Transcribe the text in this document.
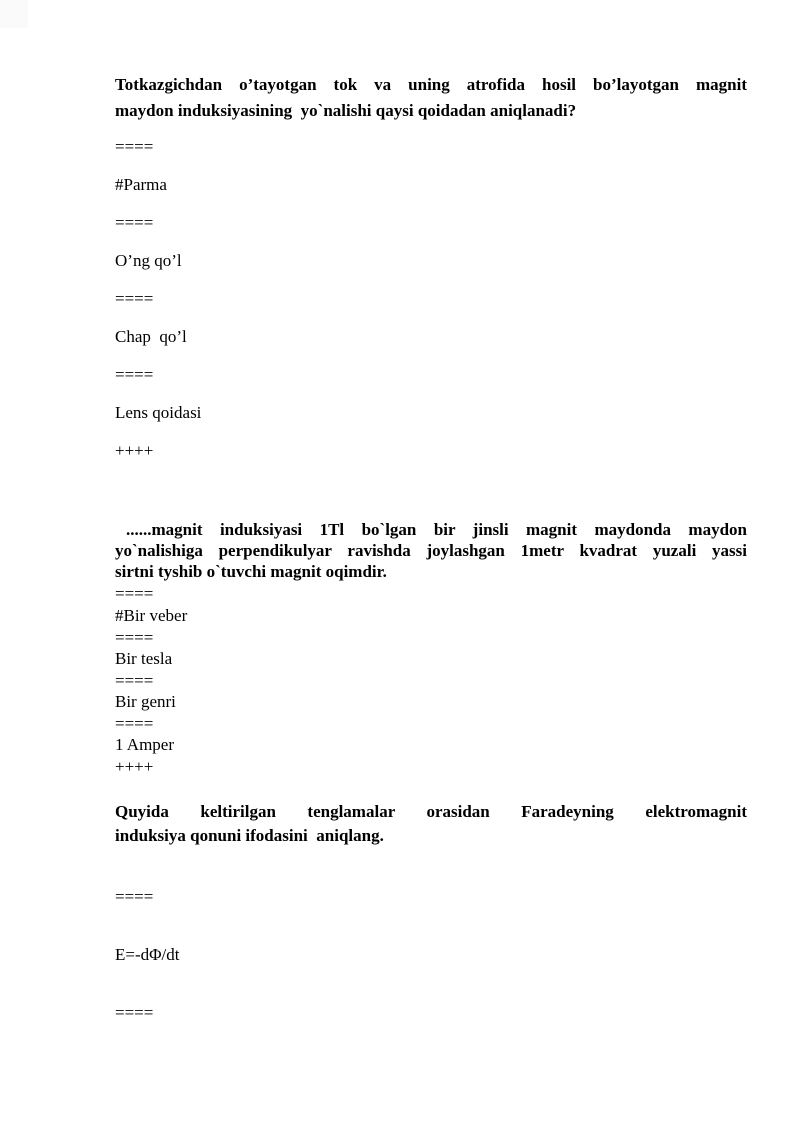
Totkazgichdan o’tayotgan tok va uning atrofida hosil bo’layotgan magnit
maydon induksiyasining  yo`nalishi qaysi qoidadan aniqlanadi?
====
#Parma
====
O’ng qo’l
====
Chap  qo’l
====
Lens qoidasi
++++
......magnit induksiyasi 1Tl bo`lgan bir jinsli magnit maydonda maydon
yo`nalishiga perpendikulyar ravishda joylashgan 1metr kvadrat yuzali yassi
sirtni tyshib o`tuvchi magnit oqimdir.
====
#Bir veber
====
Bir tesla
====
Bir genri
====
1 Amper
++++
Quyida keltirilgan tenglamalar orasidan Faradeyning elektromagnit
induksiya qonuni ifodasini  aniqlang.
====
E=-dΦ/dt
====
